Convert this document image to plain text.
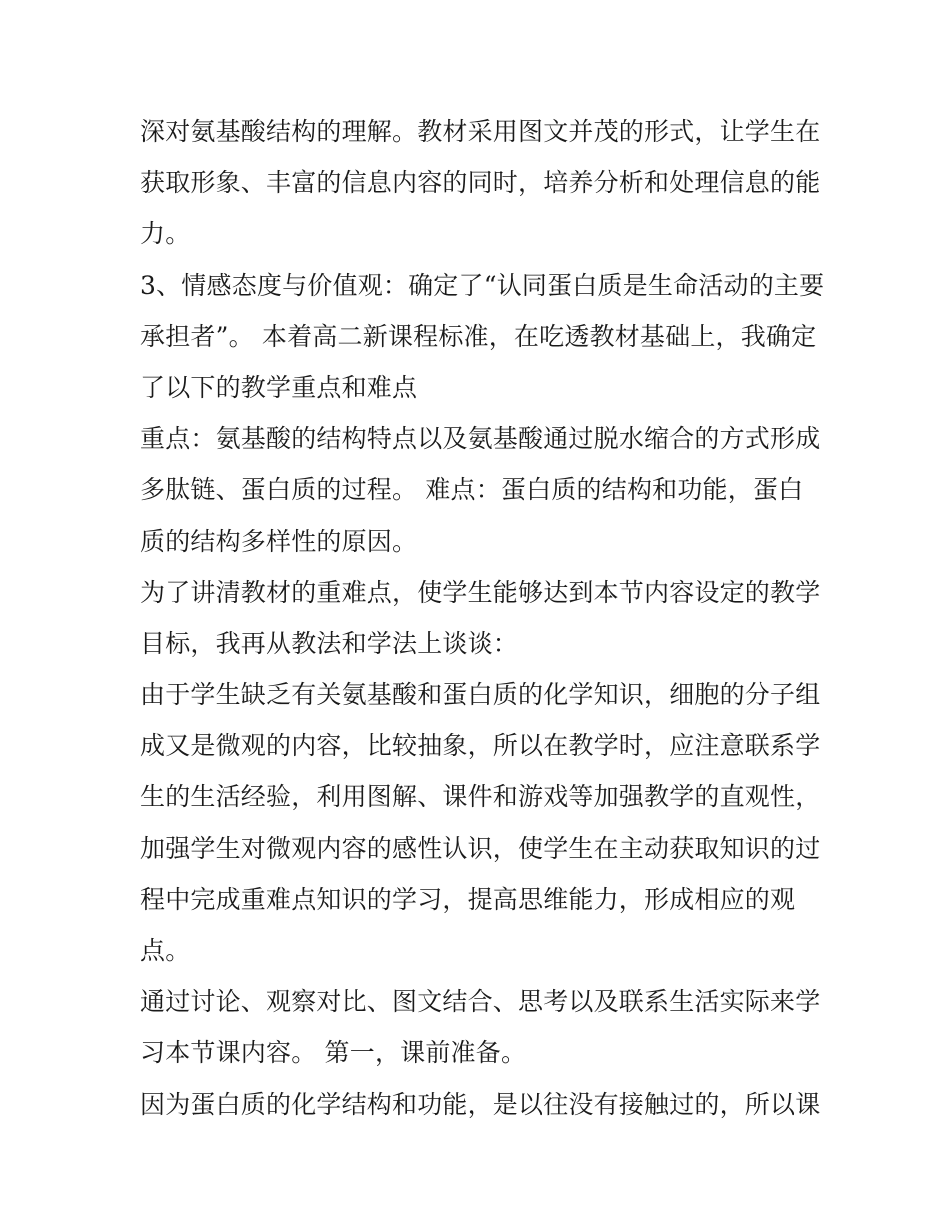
深对氨基酸结构的理解。教材采用图文并茂的形式，让学生在
获取形象、丰富的信息内容的同时，培养分析和处理信息的能
力。
3、情感态度与价值观：确定了“认同蛋白质是生命活动的主要
承担者”。 本着高二新课程标准，在吃透教材基础上，我确定
了以下的教学重点和难点
重点：氨基酸的结构特点以及氨基酸通过脱水缩合的方式形成
多肽链、蛋白质的过程。 难点：蛋白质的结构和功能，蛋白
质的结构多样性的原因。
为了讲清教材的重难点，使学生能够达到本节内容设定的教学
目标，我再从教法和学法上谈谈：
由于学生缺乏有关氨基酸和蛋白质的化学知识，细胞的分子组
成又是微观的内容，比较抽象，所以在教学时，应注意联系学
生的生活经验，利用图解、课件和游戏等加强教学的直观性，
加强学生对微观内容的感性认识，使学生在主动获取知识的过
程中完成重难点知识的学习，提高思维能力，形成相应的观
点。
通过讨论、观察对比、图文结合、思考以及联系生活实际来学
习本节课内容。 第一，课前准备。
因为蛋白质的化学结构和功能，是以往没有接触过的，所以课
